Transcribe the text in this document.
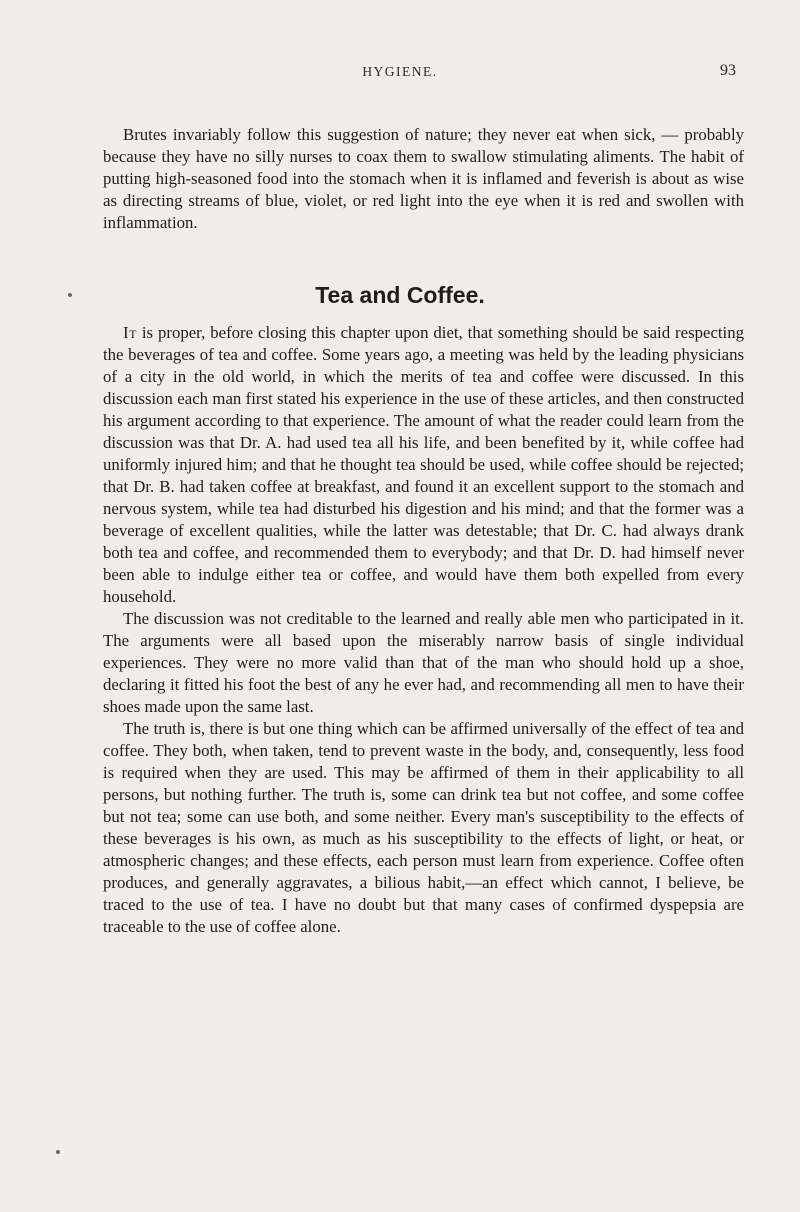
HYGIENE.	93

Brutes invariably follow this suggestion of nature; they never eat when sick, — probably because they have no silly nurses to coax them to swallow stimulating aliments. The habit of putting high-seasoned food into the stomach when it is inflamed and feverish is about as wise as directing streams of blue, violet, or red light into the eye when it is red and swollen with inflammation.

Tea and Coffee.

It is proper, before closing this chapter upon diet, that something should be said respecting the beverages of tea and coffee. Some years ago, a meeting was held by the leading physicians of a city in the old world, in which the merits of tea and coffee were discussed. In this discussion each man first stated his experience in the use of these articles, and then constructed his argument according to that experience. The amount of what the reader could learn from the discussion was that Dr. A. had used tea all his life, and been benefited by it, while coffee had uniformly injured him; and that he thought tea should be used, while coffee should be rejected; that Dr. B. had taken coffee at breakfast, and found it an excellent support to the stomach and nervous system, while tea had disturbed his digestion and his mind; and that the former was a beverage of excellent qualities, while the latter was detestable; that Dr. C. had always drank both tea and coffee, and recommended them to everybody; and that Dr. D. had himself never been able to indulge either tea or coffee, and would have them both expelled from every household.

The discussion was not creditable to the learned and really able men who participated in it. The arguments were all based upon the miserably narrow basis of single individual experiences. They were no more valid than that of the man who should hold up a shoe, declaring it fitted his foot the best of any he ever had, and recommending all men to have their shoes made upon the same last.

The truth is, there is but one thing which can be affirmed universally of the effect of tea and coffee. They both, when taken, tend to prevent waste in the body, and, consequently, less food is required when they are used. This may be affirmed of them in their applicability to all persons, but nothing further. The truth is, some can drink tea but not coffee, and some coffee but not tea; some can use both, and some neither. Every man's susceptibility to the effects of these beverages is his own, as much as his susceptibility to the effects of light, or heat, or atmospheric changes; and these effects, each person must learn from experience. Coffee often produces, and generally aggravates, a bilious habit,—an effect which cannot, I believe, be traced to the use of tea. I have no doubt but that many cases of confirmed dyspepsia are traceable to the use of coffee alone.
